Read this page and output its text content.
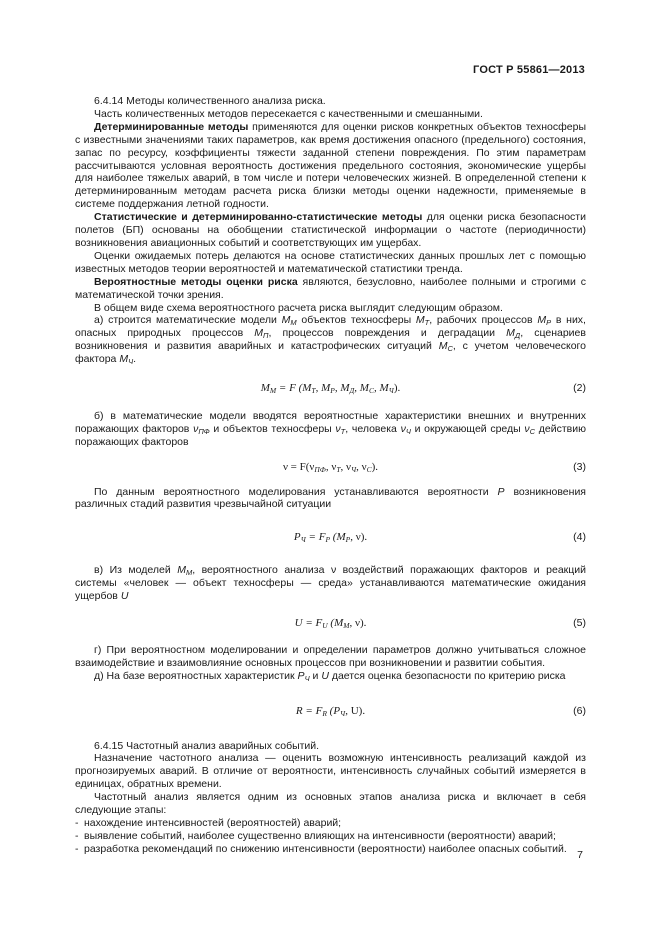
ГОСТ Р 55861—2013

6.4.14 Методы количественного анализа риска.

Часть количественных методов пересекается с качественными и смешанными.

Детерминированные методы применяются для оценки рисков конкретных объектов техносферы с известными значениями таких параметров, как время достижения опасного (предельного) состояния, запас по ресурсу, коэффициенты тяжести заданной степени повреждения. По этим параметрам рассчитываются условная вероятность достижения предельного состояния, экономические ущербы для наиболее тяжелых аварий, в том числе и потери человеческих жизней. В определенной степени к детерминированным методам расчета риска близки методы оценки надежности, применяемые в системе поддержания летной годности.

Статистические и детерминированно-статистические методы для оценки риска безопасности полетов (БП) основаны на обобщении статистической информации о частоте (периодичности) возникновения авиационных событий и соответствующих им ущербах.

Оценки ожидаемых потерь делаются на основе статистических данных прошлых лет с помощью известных методов теории вероятностей и математической статистики тренда.

Вероятностные методы оценки риска являются, безусловно, наиболее полными и строгими с математической точки зрения.

В общем виде схема вероятностного расчета риска выглядит следующим образом.

а) строится математические модели $M_M$ объектов техносферы $M_T$, рабочих процессов $M_P$ в них, опасных природных процессов $M_П$, процессов повреждения и деградации $M_Д$, сценариев возникновения и развития аварийных и катастрофических ситуаций $M_C$, с учетом человеческого фактора $M_Ч$.

$M_M = F$ ($M_T$, $M_P$, $M_Д$, $M_C$, $M_Ч$).	(2)

б) в математические модели вводятся вероятностные характеристики внешних и внутренних поражающих факторов $\nu_{ПФ}$ и объектов техносферы $\nu_T$, человека $\nu_Ч$ и окружающей среды $\nu_C$ действию поражающих факторов

$\nu = F(\nu_{ПФ}$, $\nu_T$, $\nu_Ч$, $\nu_C$).	(3)

По данным вероятностного моделирования устанавливаются вероятности P возникновения различных стадий развития чрезвычайной ситуации

$P_Ч = F_P$ ($M_P$, ν).	(4)

в) Из моделей $M_M$, вероятностного анализа ν воздействий поражающих факторов и реакций системы «человек — объект техносферы — среда» устанавливаются математические ожидания ущербов U

$U = F_U$ ($M_M$, ν).	(5)

г) При вероятностном моделировании и определении параметров должно учитываться сложное взаимодействие и взаимовлияние основных процессов при возникновении и развитии события.

д) На базе вероятностных характеристик $P_Ч$ и U дается оценка безопасности по критерию риска

$R = F_R$ ($P_Ч$, U).	(6)

6.4.15 Частотный анализ аварийных событий.

Назначение частотного анализа — оценить возможную интенсивность реализаций каждой из прогнозируемых аварий. В отличие от вероятности, интенсивность случайных событий измеряется в единицах, обратных времени.

Частотный анализ является одним из основных этапов анализа риска и включает в себя следующие этапы:

- нахождение интенсивностей (вероятностей) аварий;

- выявление событий, наиболее существенно влияющих на интенсивности (вероятности) аварий;

- разработка рекомендаций по снижению интенсивности (вероятности) наиболее опасных событий.

7
